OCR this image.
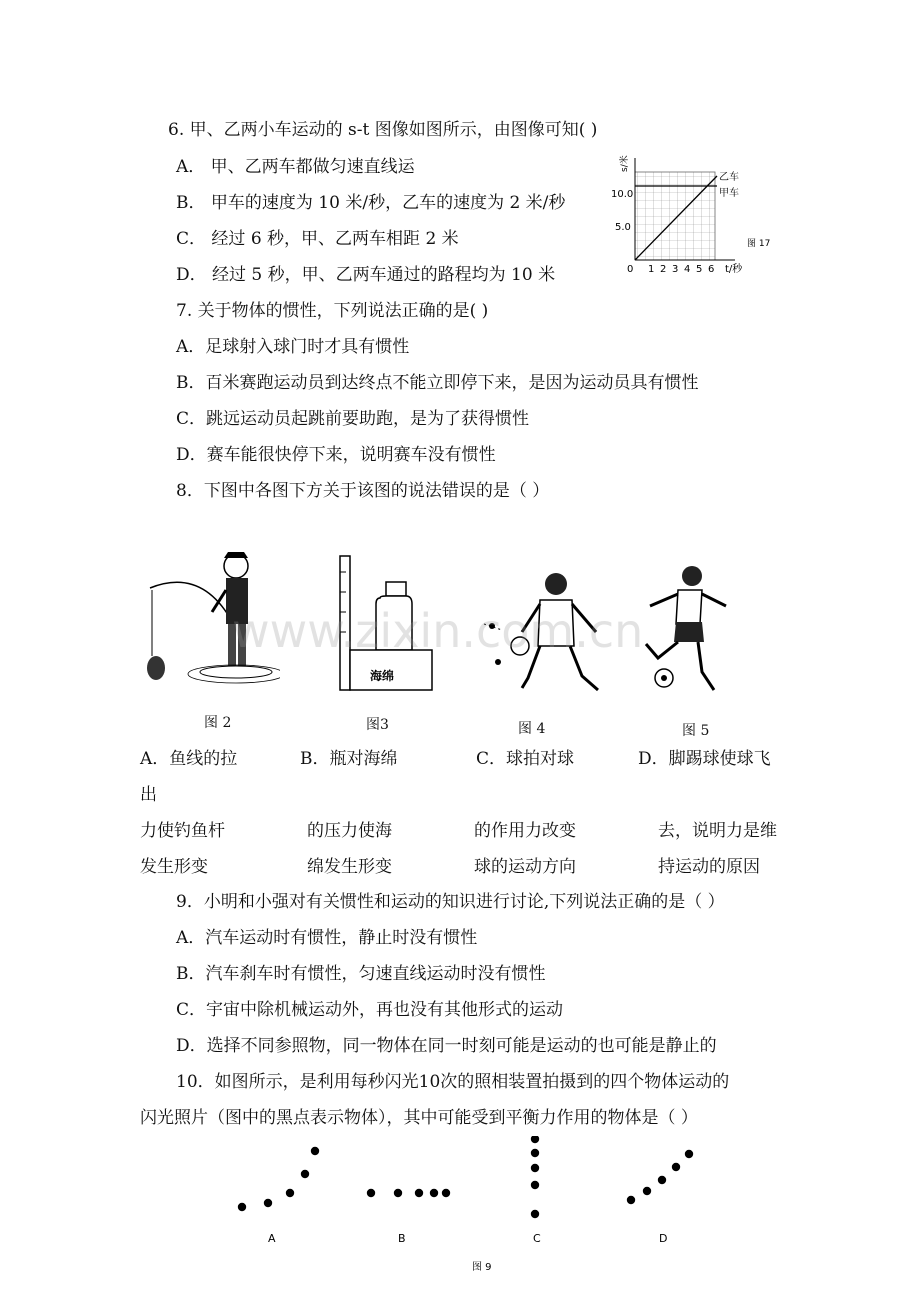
6. 甲、乙两小车运动的 s-t 图像如图所示，由图像可知( )
A． 甲、乙两车都做匀速直线运
B． 甲车的速度为 10 米/秒，乙车的速度为 2 米/秒
C． 经过 6 秒，甲、乙两车相距 2 米
D． 经过 5 秒，甲、乙两车通过的路程均为 10 米
s/米
10.0
5.0
0 1 2 3 4 5 6 t/秒
乙车
甲车
图 17
7. 关于物体的惯性，下列说法正确的是( )
A．足球射入球门时才具有惯性
B．百米赛跑运动员到达终点不能立即停下来，是因为运动员具有惯性
C．跳远运动员起跳前要助跑，是为了获得惯性
D．赛车能很快停下来，说明赛车没有惯性
8．下图中各图下方关于该图的说法错误的是（ ）
海绵
www.zixin.com.cn
图 2	图3	图 4	图 5
A．鱼线的拉	B．瓶对海绵	C．球拍对球	D．脚踢球使球飞
出
力使钓鱼杆	的压力使海	的作用力改变	去，说明力是维
发生形变	绵发生形变	球的运动方向	持运动的原因
9．小明和小强对有关惯性和运动的知识进行讨论,下列说法正确的是（ ）
A．汽车运动时有惯性，静止时没有惯性
B．汽车刹车时有惯性，匀速直线运动时没有惯性
C．宇宙中除机械运动外，再也没有其他形式的运动
D．选择不同参照物，同一物体在同一时刻可能是运动的也可能是静止的
10．如图所示，是利用每秒闪光10次的照相装置拍摄到的四个物体运动的
闪光照片（图中的黑点表示物体），其中可能受到平衡力作用的物体是（ ）
A	B	C	D
图 9
